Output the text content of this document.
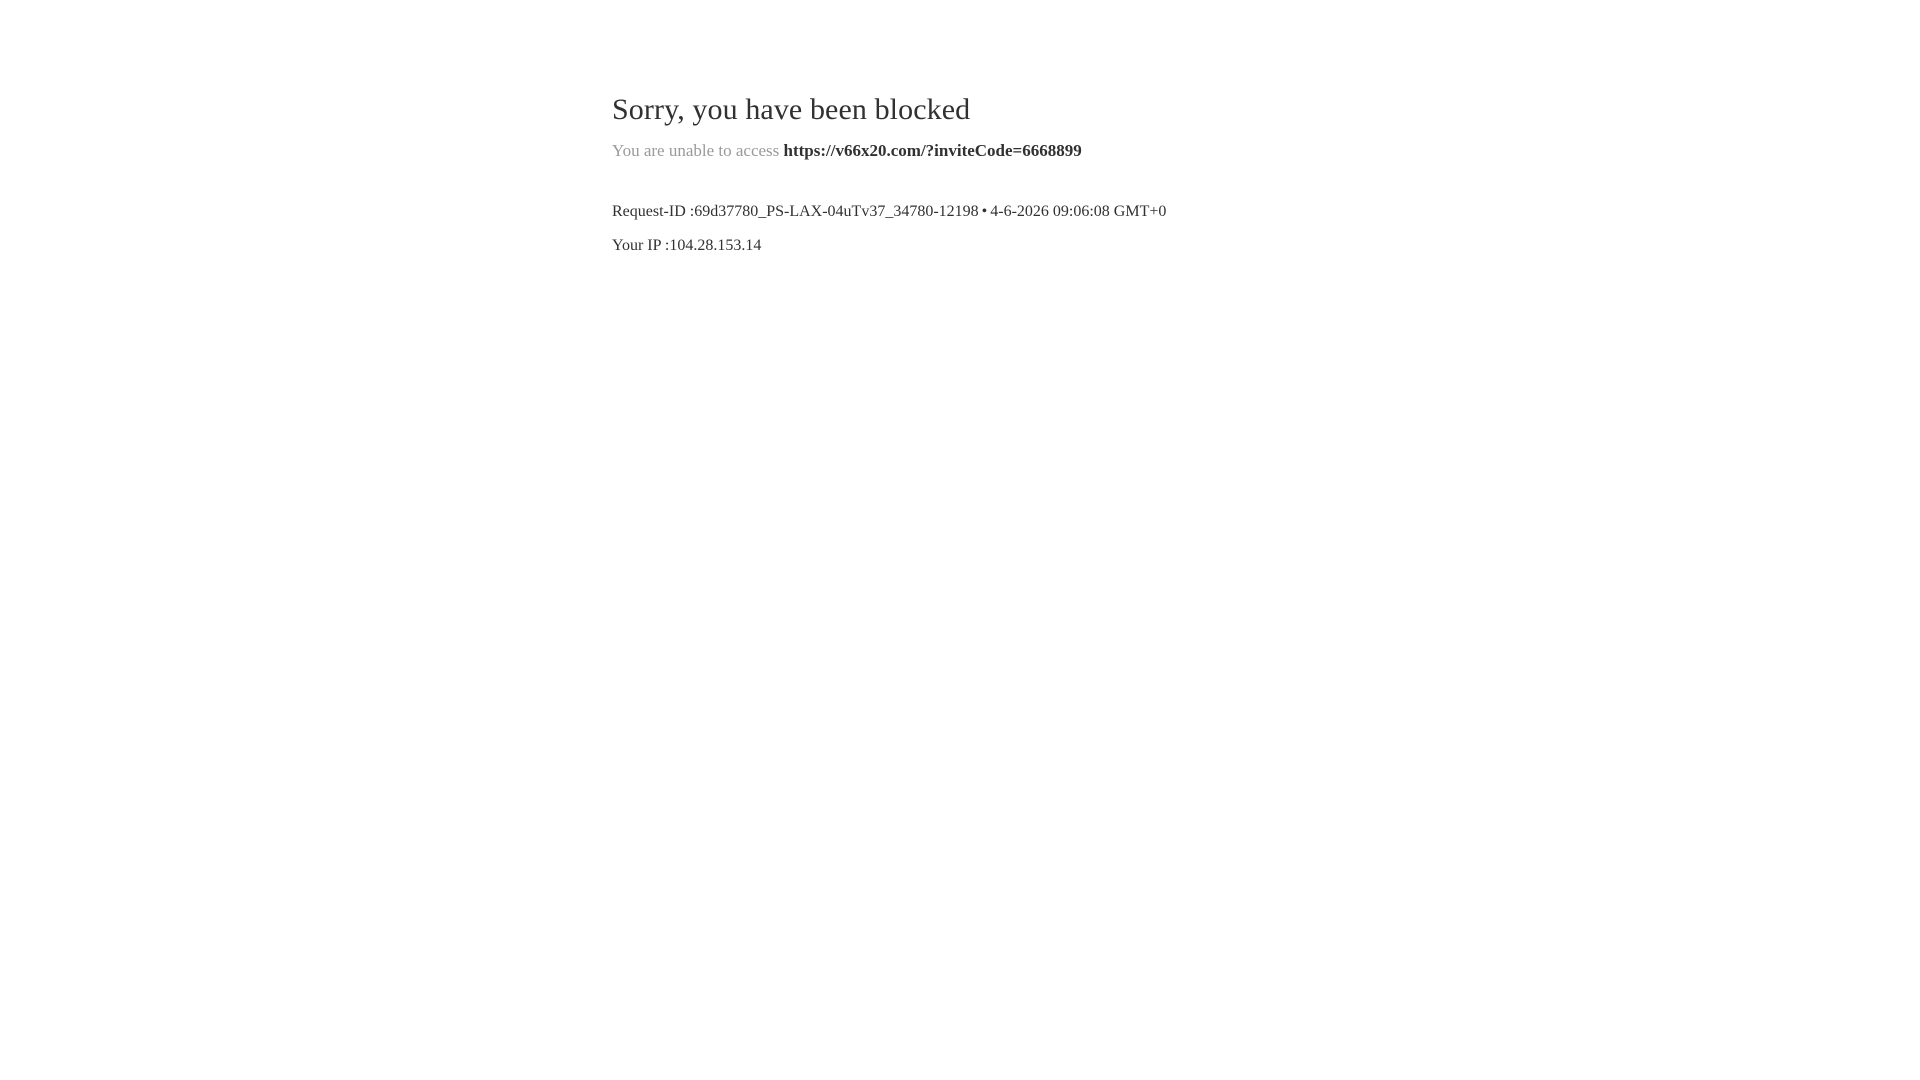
Sorry, you have been blocked

You are unable to access https://v66x20.com/?inviteCode=6668899

Request-ID :69d37780_PS-LAX-04uTv37_34780-12198 • 4-6-2026 09:06:08 GMT+0
Your IP :104.28.153.14
